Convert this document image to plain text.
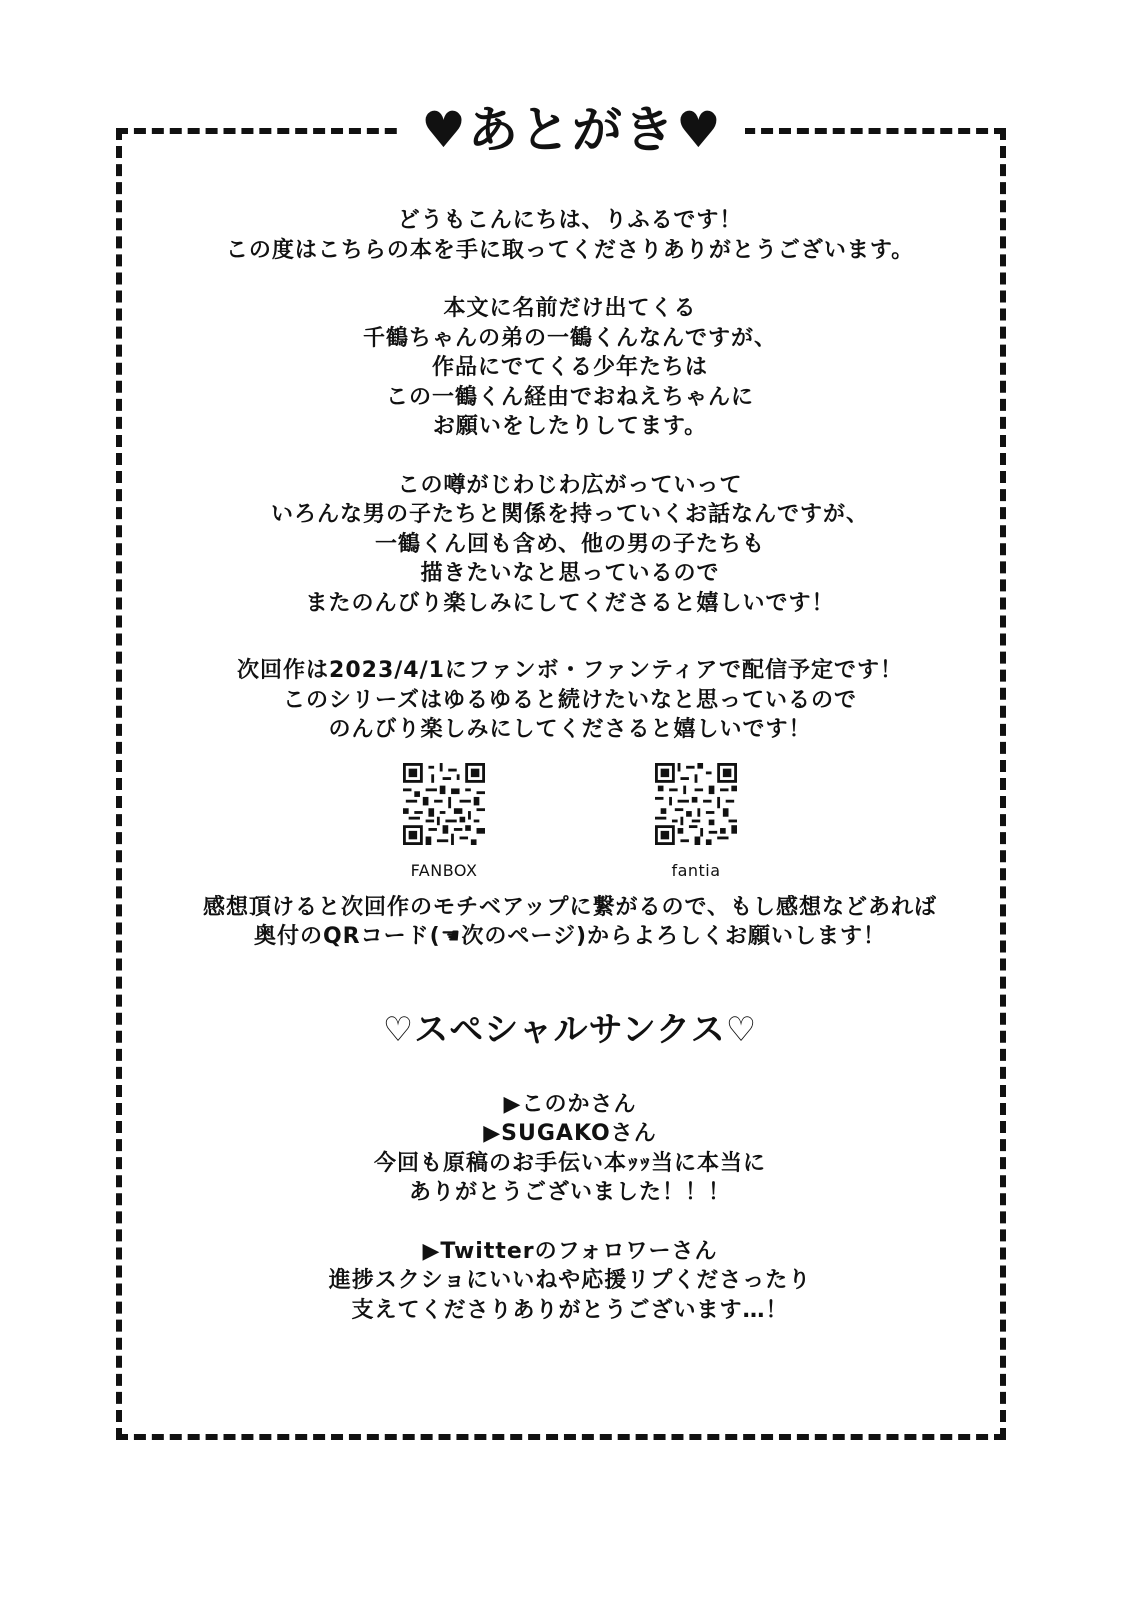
♥あとがき♥

どうもこんにちは、りふるです！

この度はこちらの本を手に取ってくださりありがとうございます。

本文に名前だけ出てくる

千鶴ちゃんの弟の一鶴くんなんですが、

作品にでてくる少年たちは

この一鶴くん経由でおねえちゃんに

お願いをしたりしてます。

この噂がじわじわ広がっていって

いろんな男の子たちと関係を持っていくお話なんですが、

一鶴くん回も含め、他の男の子たちも

描きたいなと思っているので

またのんびり楽しみにしてくださると嬉しいです！

次回作は2023/4/1にファンボ・ファンティアで配信予定です！

このシリーズはゆるゆると続けたいなと思っているので

のんびり楽しみにしてくださると嬉しいです！

FANBOX	fantia

感想頂けると次回作のモチベアップに繋がるので、もし感想などあれば

奥付のQRコード(☚次のページ)からよろしくお願いします！

♡スペシャルサンクス♡

▶このかさん

▶SUGAKOさん

今回も原稿のお手伝い本ｯｯ当に本当に

ありがとうございました！！！

▶Twitterのフォロワーさん

進捗スクショにいいねや応援リプくださったり

支えてくださりありがとうございます…！
